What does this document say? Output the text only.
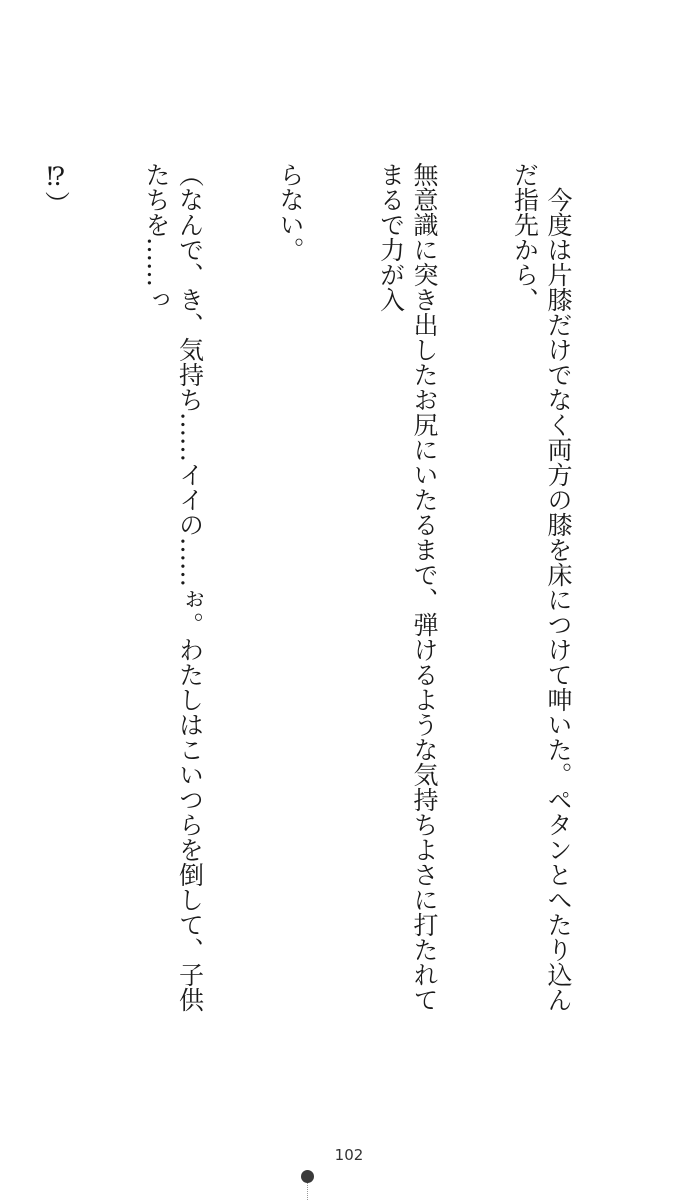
　今度は片膝だけでなく両方の膝を床につけて呻いた。ペタンとへたり込んだ指先から、

無意識に突き出したお尻にいたるまで、弾けるような気持ちよさに打たれてまるで力が入

らない。

（なんで、き、気持ち……イイの……ぉ。わたしはこいつらを倒して、子供たちを……っ

⁉）

102
